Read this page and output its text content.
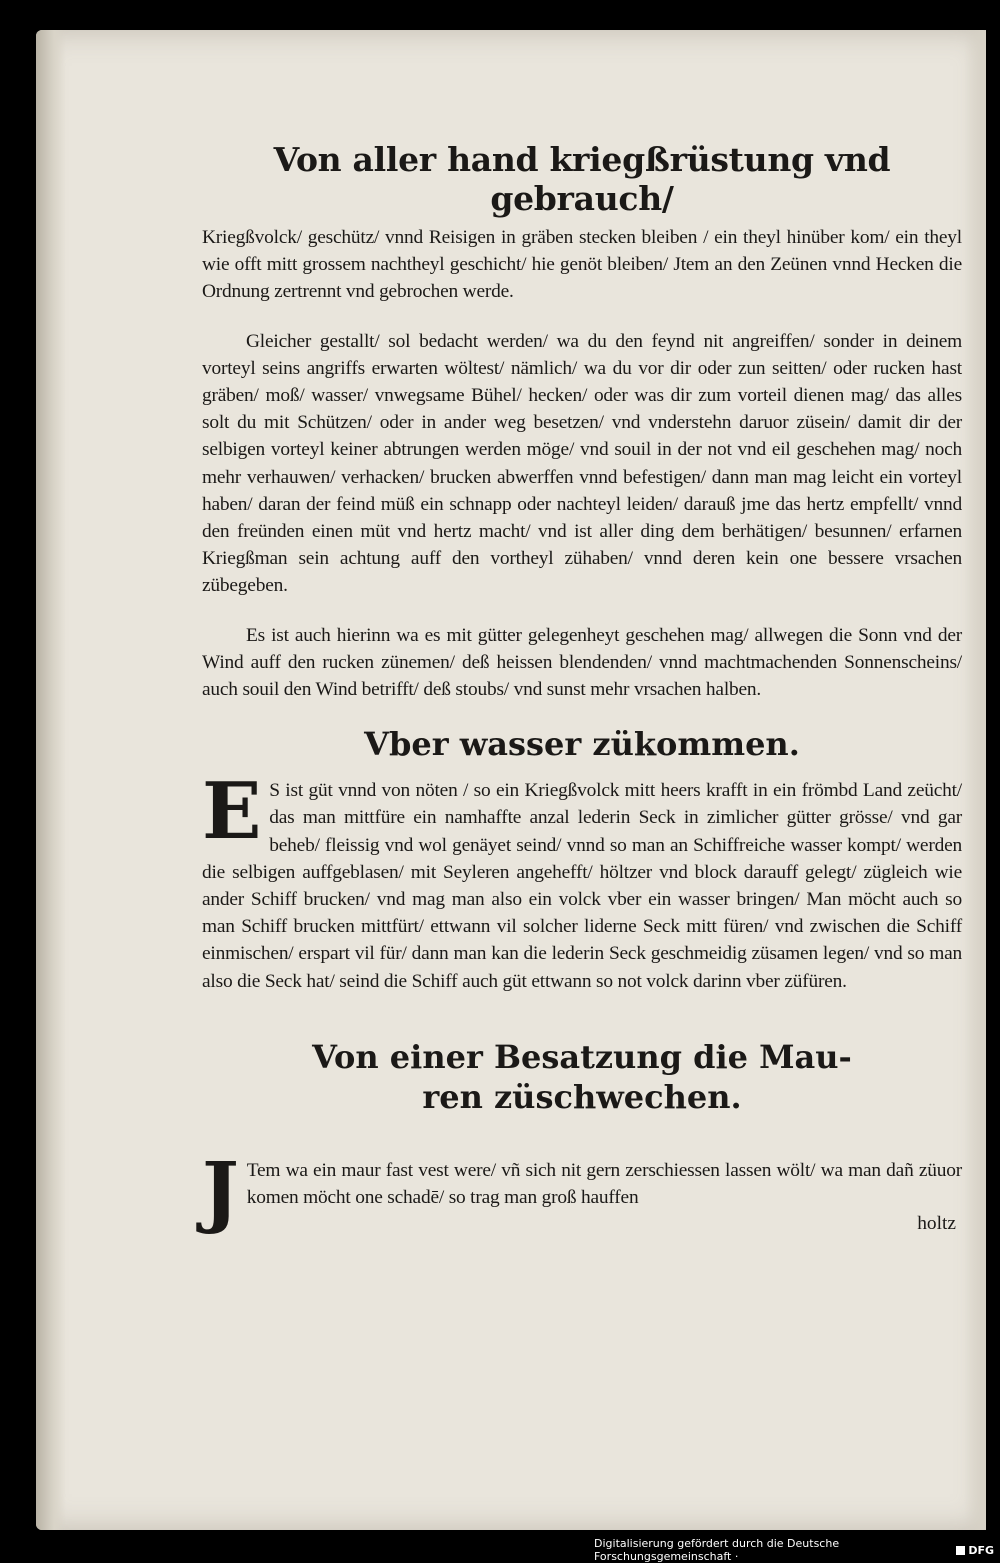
Von aller hand kriegßrüstung vnd gebrauch/

Kriegßvolck/ geschütz/ vnnd Reisigen in gräben stecken bleiben / ein theyl hinüber kom/ ein theyl wie offt mitt grossem nachtheyl geschicht/ hie genöt bleiben/ Jtem an den Zeünen vnnd Hecken die Ordnung zertrennt vnd gebrochen werde.

Gleicher gestallt/ sol bedacht werden/ wa du den feynd nit angreiffen/ sonder in deinem vorteyl seins angriffs erwarten wöltest/ nämlich/ wa du vor dir oder zun seitten/ oder rucken hast gräben/ moß/ wasser/ vnwegsame Bühel/ hecken/ oder was dir zum vorteil dienen mag/ das alles solt du mit Schützen/ oder in ander weg besetzen/ vnd vnderstehn daruor züsein/ damit dir der selbigen vorteyl keiner abtrungen werden möge/ vnd souil in der not vnd eil geschehen mag/ noch mehr verhauwen/ verhacken/ brucken abwerffen vnnd befestigen/ dann man mag leicht ein vorteyl haben/ daran der feind müß ein schnapp oder nachteyl leiden/ darauß jme das hertz empfellt/ vnnd den freünden einen müt vnd hertz macht/ vnd ist aller ding dem berhätigen/ besunnen/ erfarnen Kriegßman sein achtung auff den vortheyl zühaben/ vnnd deren kein one bessere vrsachen zübegeben.

Es ist auch hierinn wa es mit gütter gelegenheyt geschehen mag/ allwegen die Sonn vnd der Wind auff den rucken zünemen/ deß heissen blendenden/ vnnd machtmachenden Sonnenscheins/ auch souil den Wind betrifft/ deß stoubs/ vnd sunst mehr vrsachen halben.

Vber wasser zükommen.

E S ist güt vnnd von nöten / so ein Kriegßvolck mitt heers krafft in ein frömbd Land zeücht/ das man mittfüre ein namhaffte anzal lederin Seck in zimlicher gütter grösse/ vnd gar beheb/ fleissig vnd wol genäyet seind/ vnnd so man an Schiffreiche wasser kompt/ werden die selbigen auffgeblasen/ mit Seyleren angehefft/ höltzer vnd block darauff gelegt/ züglеich wie ander Schiff brucken/ vnd mag man also ein volck vber ein wasser bringen/ Man möcht auch so man Schiff brucken mittfürt/ ettwann vil solcher liderne Seck mitt füren/ vnd zwischen die Schiff einmischen/ erspart vil für/ dann man kan die lederin Seck geschmeidig züsamen legen/ vnd so man also die Seck hat/ seind die Schiff auch güt ettwann so not volck darinn vber züfüren.

Von einer Besatzung die Mau-
ren züschwechen.

J Tem wa ein maur fast vest were/ vñ sich nit gern zerschiessen lassen wölt/ wa man dañ züuor komen möcht one schadē/ so trag man groß hauffen

holtz
Digitalisierung gefördert durch die Deutsche Forschungsgemeinschaft ·	DFG
